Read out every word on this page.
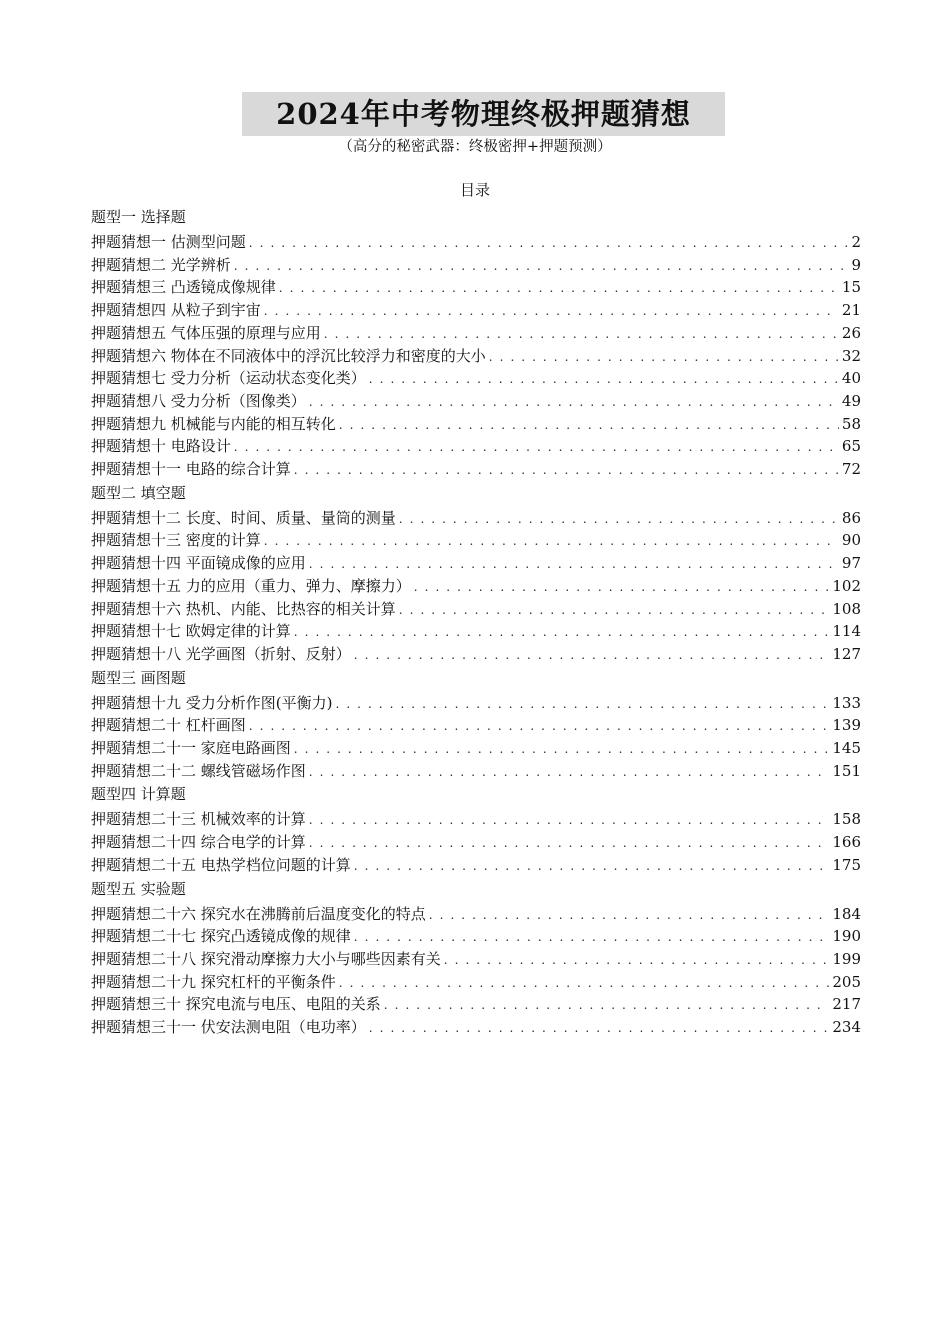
2024年中考物理终极押题猜想
（高分的秘密武器：终极密押+押题预测）
目录
题型一 选择题
押题猜想一 估测型问题 . . .	2
押题猜想二 光学辨析 . . .	9
押题猜想三 凸透镜成像规律 . . .	15
押题猜想四 从粒子到宇宙 . . .	21
押题猜想五 气体压强的原理与应用 . . .	26
押题猜想六 物体在不同液体中的浮沉比较浮力和密度的大小 . . .	32
押题猜想七 受力分析（运动状态变化类） . . .	40
押题猜想八 受力分析（图像类） . . .	49
押题猜想九 机械能与内能的相互转化 . . .	58
押题猜想十 电路设计 . . .	65
押题猜想十一 电路的综合计算 . . .	72
题型二 填空题
押题猜想十二 长度、时间、质量、量筒的测量 . . .	86
押题猜想十三 密度的计算 . . .	90
押题猜想十四 平面镜成像的应用 . . .	97
押题猜想十五 力的应用（重力、弹力、摩擦力） . . .	102
押题猜想十六 热机、内能、比热容的相关计算 . . .	108
押题猜想十七 欧姆定律的计算 . . .	114
押题猜想十八 光学画图（折射、反射） . . .	127
题型三 画图题
押题猜想十九 受力分析作图(平衡力) . . .	133
押题猜想二十 杠杆画图 . . .	139
押题猜想二十一 家庭电路画图 . . .	145
押题猜想二十二 螺线管磁场作图 . . .	151
题型四 计算题
押题猜想二十三 机械效率的计算 . . .	158
押题猜想二十四 综合电学的计算 . . .	166
押题猜想二十五 电热学档位问题的计算 . . .	175
题型五 实验题
押题猜想二十六 探究水在沸腾前后温度变化的特点 . . .	184
押题猜想二十七 探究凸透镜成像的规律 . . .	190
押题猜想二十八 探究滑动摩擦力大小与哪些因素有关 . . .	199
押题猜想二十九 探究杠杆的平衡条件 . . .	205
押题猜想三十 探究电流与电压、电阻的关系 . . .	217
押题猜想三十一 伏安法测电阻（电功率） . . .	234
